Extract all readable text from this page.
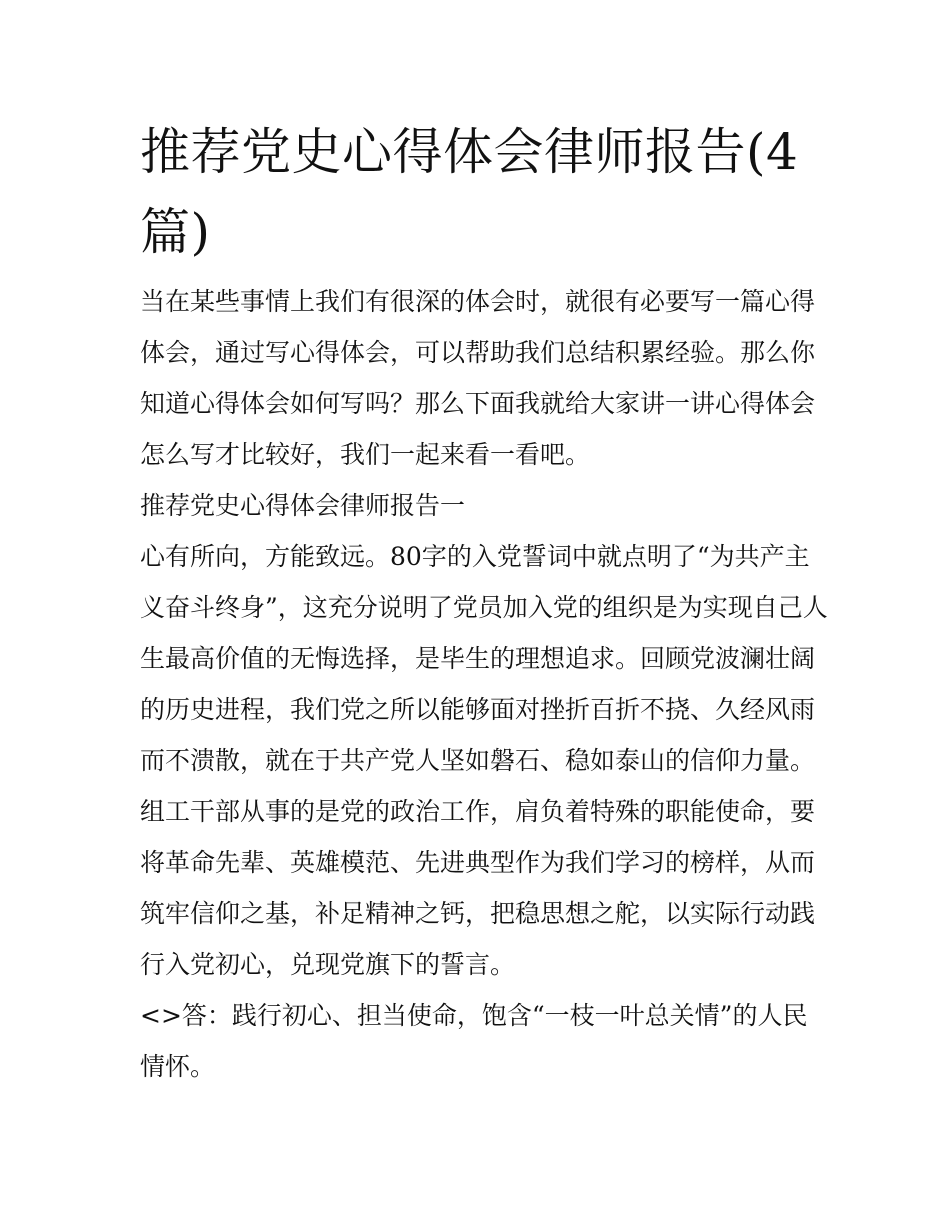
推荐党史心得体会律师报告(4篇)

当在某些事情上我们有很深的体会时，就很有必要写一篇心得体会，通过写心得体会，可以帮助我们总结积累经验。那么你知道心得体会如何写吗？那么下面我就给大家讲一讲心得体会怎么写才比较好，我们一起来看一看吧。

推荐党史心得体会律师报告一

心有所向，方能致远。80字的入党誓词中就点明了“为共产主义奋斗终身”，这充分说明了党员加入党的组织是为实现自己人生最高价值的无悔选择，是毕生的理想追求。回顾党波澜壮阔的历史进程，我们党之所以能够面对挫折百折不挠、久经风雨而不溃散，就在于共产党人坚如磐石、稳如泰山的信仰力量。组工干部从事的是党的政治工作，肩负着特殊的职能使命，要将革命先辈、英雄模范、先进典型作为我们学习的榜样，从而筑牢信仰之基，补足精神之钙，把稳思想之舵，以实际行动践行入党初心，兑现党旗下的誓言。

<>答：践行初心、担当使命，饱含“一枝一叶总关情”的人民情怀。
